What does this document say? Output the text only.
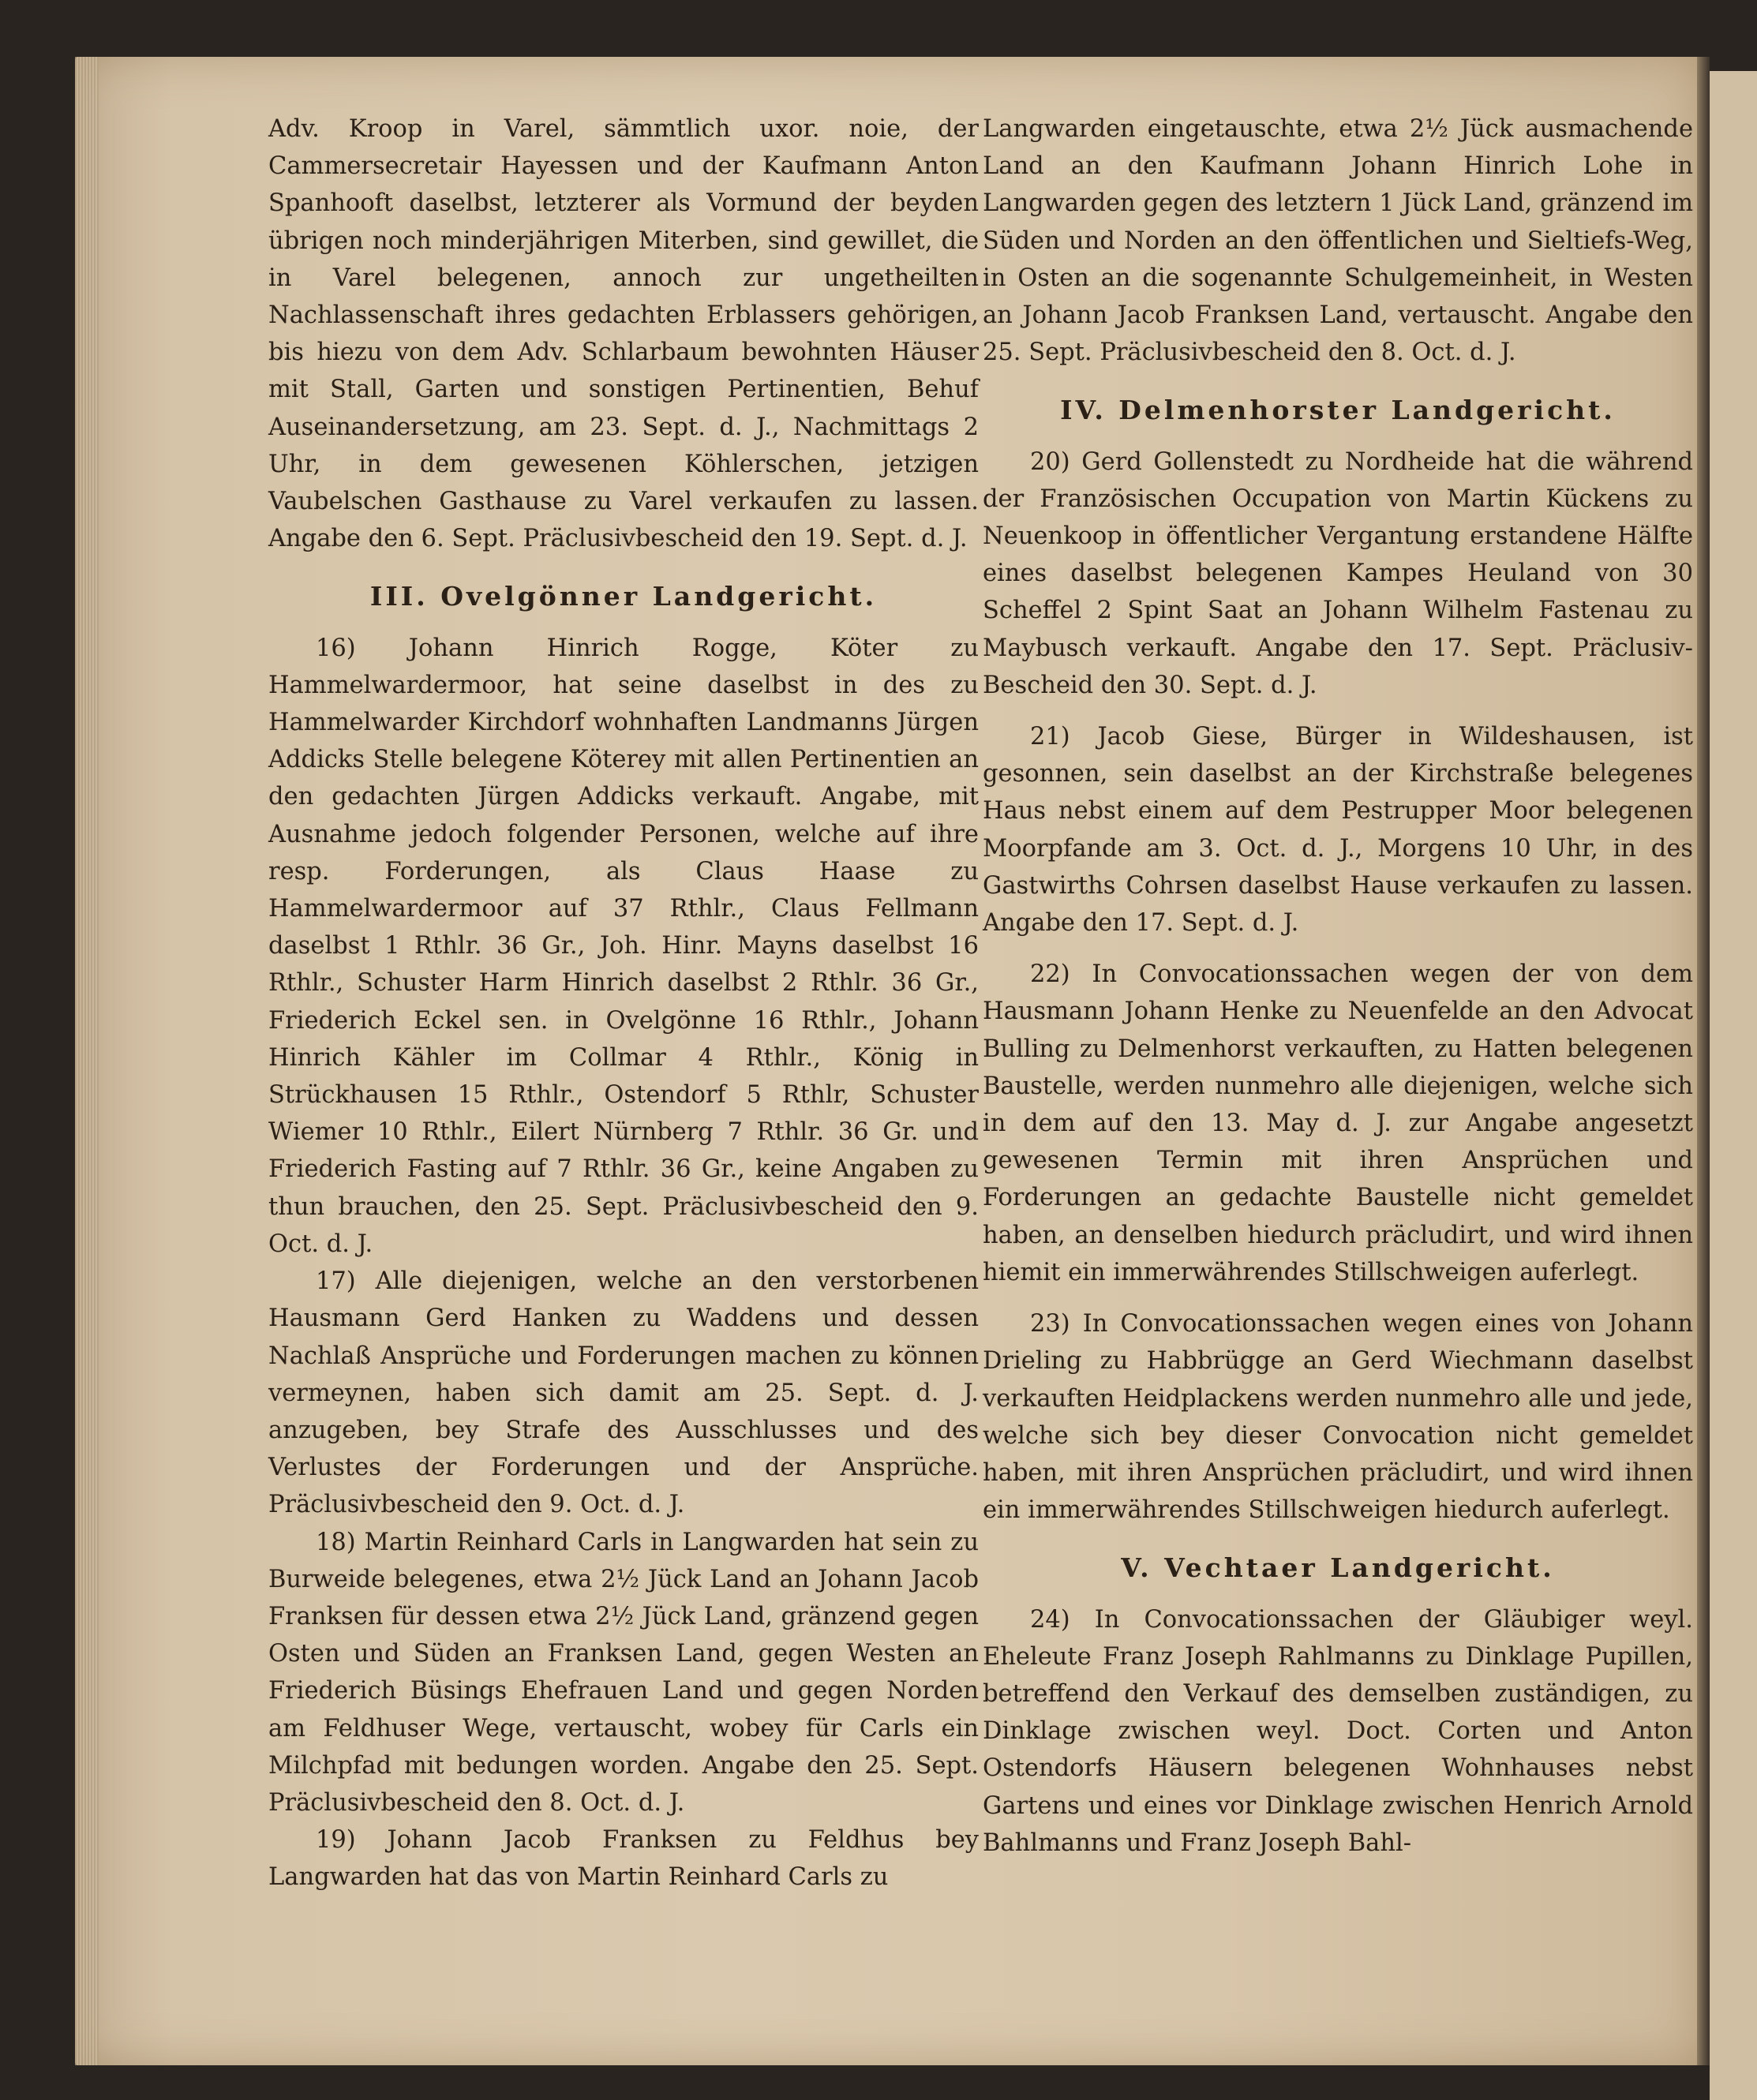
Adv. Kroop in Varel, sämmtlich uxor. noie, der Cammersecretair Hayessen und der Kaufmann Anton Spanhooft daselbst, letzterer als Vormund der beyden übrigen noch minderjährigen Miterben, sind gewillet, die in Varel belegenen, annoch zur ungetheilten Nachlassenschaft ihres gedachten Erblassers gehörigen, bis hiezu von dem Adv. Schlarbaum bewohnten Häuser mit Stall, Garten und sonstigen Pertinentien, Behuf Auseinandersetzung, am 23. Sept. d. J., Nachmittags 2 Uhr, in dem gewesenen Köhlerschen, jetzigen Vaubelschen Gasthause zu Varel verkaufen zu lassen. Angabe den 6. Sept. Präclusivbescheid den 19. Sept. d. J.

III. Ovelgönner Landgericht.

16) Johann Hinrich Rogge, Köter zu Hammelwardermoor, hat seine daselbst in des zu Hammelwarder Kirchdorf wohnhaften Landmanns Jürgen Addicks Stelle belegene Köterey mit allen Pertinentien an den gedachten Jürgen Addicks verkauft. Angabe, mit Ausnahme jedoch folgender Personen, welche auf ihre resp. Forderungen, als Claus Haase zu Hammelwardermoor auf 37 Rthlr., Claus Fellmann daselbst 1 Rthlr. 36 Gr., Joh. Hinr. Mayns daselbst 16 Rthlr., Schuster Harm Hinrich daselbst 2 Rthlr. 36 Gr., Friederich Eckel sen. in Ovelgönne 16 Rthlr., Johann Hinrich Kähler im Collmar 4 Rthlr., König in Strückhausen 15 Rthlr., Ostendorf 5 Rthlr, Schuster Wiemer 10 Rthlr., Eilert Nürnberg 7 Rthlr. 36 Gr. und Friederich Fasting auf 7 Rthlr. 36 Gr., keine Angaben zu thun brauchen, den 25. Sept. Präclusivbescheid den 9. Oct. d. J.

17) Alle diejenigen, welche an den verstorbenen Hausmann Gerd Hanken zu Waddens und dessen Nachlaß Ansprüche und Forderungen machen zu können vermeynen, haben sich damit am 25. Sept. d. J. anzugeben, bey Strafe des Ausschlusses und des Verlustes der Forderungen und der Ansprüche. Präclusivbescheid den 9. Oct. d. J.

18) Martin Reinhard Carls in Langwarden hat sein zu Burweide belegenes, etwa 2½ Jück Land an Johann Jacob Franksen für dessen etwa 2½ Jück Land, gränzend gegen Osten und Süden an Franksen Land, gegen Westen an Friederich Büsings Ehefrauen Land und gegen Norden am Feldhuser Wege, vertauscht, wobey für Carls ein Milchpfad mit bedungen worden. Angabe den 25. Sept. Präclusivbescheid den 8. Oct. d. J.

19) Johann Jacob Franksen zu Feldhus bey Langwarden hat das von Martin Reinhard Carls zu

Langwarden eingetauschte, etwa 2½ Jück ausmachende Land an den Kaufmann Johann Hinrich Lohe in Langwarden gegen des letztern 1 Jück Land, gränzend im Süden und Norden an den öffentlichen und Sieltiefs-Weg, in Osten an die sogenannte Schulgemeinheit, in Westen an Johann Jacob Franksen Land, vertauscht. Angabe den 25. Sept. Präclusivbescheid den 8. Oct. d. J.

IV. Delmenhorster Landgericht.

20) Gerd Gollenstedt zu Nordheide hat die während der Französischen Occupation von Martin Kückens zu Neuenkoop in öffentlicher Vergantung erstandene Hälfte eines daselbst belegenen Kampes Heuland von 30 Scheffel 2 Spint Saat an Johann Wilhelm Fastenau zu Maybusch verkauft. Angabe den 17. Sept. Präclusiv-Bescheid den 30. Sept. d. J.

21) Jacob Giese, Bürger in Wildeshausen, ist gesonnen, sein daselbst an der Kirchstraße belegenes Haus nebst einem auf dem Pestrupper Moor belegenen Moorpfande am 3. Oct. d. J., Morgens 10 Uhr, in des Gastwirths Cohrsen daselbst Hause verkaufen zu lassen. Angabe den 17. Sept. d. J.

22) In Convocationssachen wegen der von dem Hausmann Johann Henke zu Neuenfelde an den Advocat Bulling zu Delmenhorst verkauften, zu Hatten belegenen Baustelle, werden nunmehro alle diejenigen, welche sich in dem auf den 13. May d. J. zur Angabe angesetzt gewesenen Termin mit ihren Ansprüchen und Forderungen an gedachte Baustelle nicht gemeldet haben, an denselben hiedurch präcludirt, und wird ihnen hiemit ein immerwährendes Stillschweigen auferlegt.

23) In Convocationssachen wegen eines von Johann Drieling zu Habbrügge an Gerd Wiechmann daselbst verkauften Heidplackens werden nunmehro alle und jede, welche sich bey dieser Convocation nicht gemeldet haben, mit ihren Ansprüchen präcludirt, und wird ihnen ein immerwährendes Stillschweigen hiedurch auferlegt.

V. Vechtaer Landgericht.

24) In Convocationssachen der Gläubiger weyl. Eheleute Franz Joseph Rahlmanns zu Dinklage Pupillen, betreffend den Verkauf des demselben zuständigen, zu Dinklage zwischen weyl. Doct. Corten und Anton Ostendorfs Häusern belegenen Wohnhauses nebst Gartens und eines vor Dinklage zwischen Henrich Arnold Bahlmanns und Franz Joseph Bahl-
